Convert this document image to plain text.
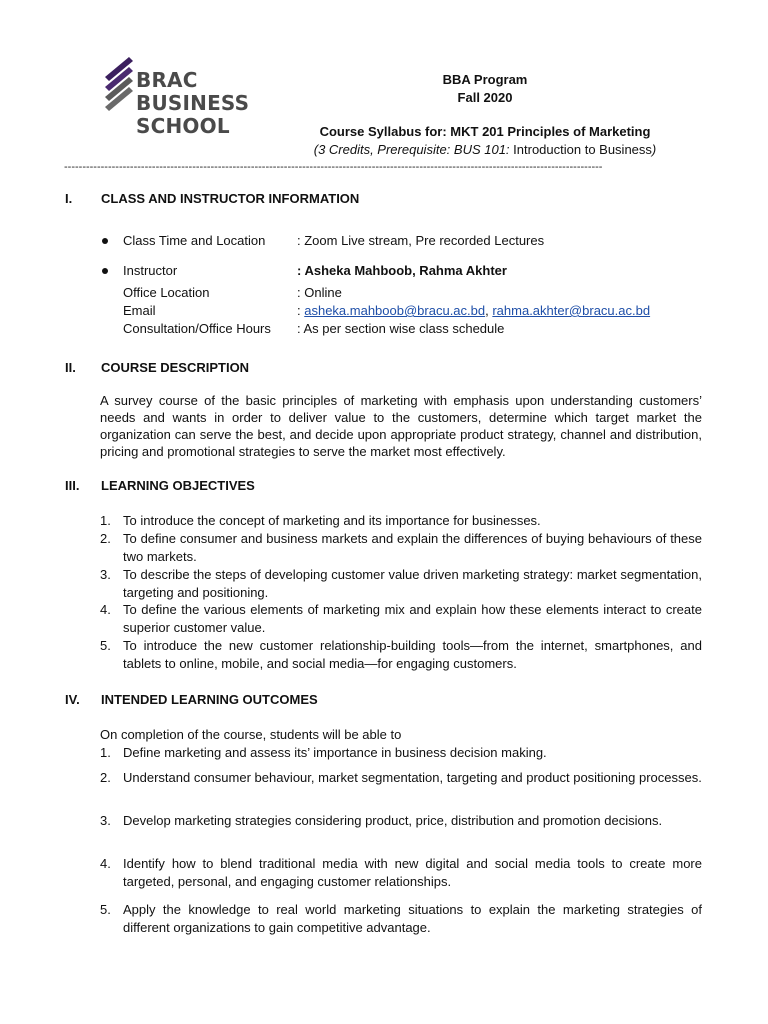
BRAC
BUSINESS
SCHOOL
BBA Program
Fall 2020
Course Syllabus for: MKT 201 Principles of Marketing
(3 Credits, Prerequisite: BUS 101: Introduction to Business)
---------------------------------------------------------------------------------------------------------------------------------------------------
I. CLASS AND INSTRUCTOR INFORMATION
Class Time and Location : Zoom Live stream, Pre recorded Lectures
Instructor	: Asheka Mahboob, Rahma Akhter
Office Location	: Online
Email	: asheka.mahboob@bracu.ac.bd, rahma.akhter@bracu.ac.bd
Consultation/Office Hours : As per section wise class schedule
II. COURSE DESCRIPTION
A survey course of the basic principles of marketing with emphasis upon understanding customers’ needs and wants in order to deliver value to the customers, determine which target market the organization can serve the best, and decide upon appropriate product strategy, channel and distribution, pricing and promotional strategies to serve the market most effectively.
III. LEARNING OBJECTIVES
1. To introduce the concept of marketing and its importance for businesses.
2. To define consumer and business markets and explain the differences of buying behaviours of these two markets.
3. To describe the steps of developing customer value driven marketing strategy: market segmentation, targeting and positioning.
4. To define the various elements of marketing mix and explain how these elements interact to create superior customer value.
5. To introduce the new customer relationship-building tools—from the internet, smartphones, and tablets to online, mobile, and social media—for engaging customers.
IV. INTENDED LEARNING OUTCOMES
On completion of the course, students will be able to
1. Define marketing and assess its’ importance in business decision making.
2. Understand consumer behaviour, market segmentation, targeting and product positioning processes.
3. Develop marketing strategies considering product, price, distribution and promotion decisions.
4. Identify how to blend traditional media with new digital and social media tools to create more targeted, personal, and engaging customer relationships.
5. Apply the knowledge to real world marketing situations to explain the marketing strategies of different organizations to gain competitive advantage.
